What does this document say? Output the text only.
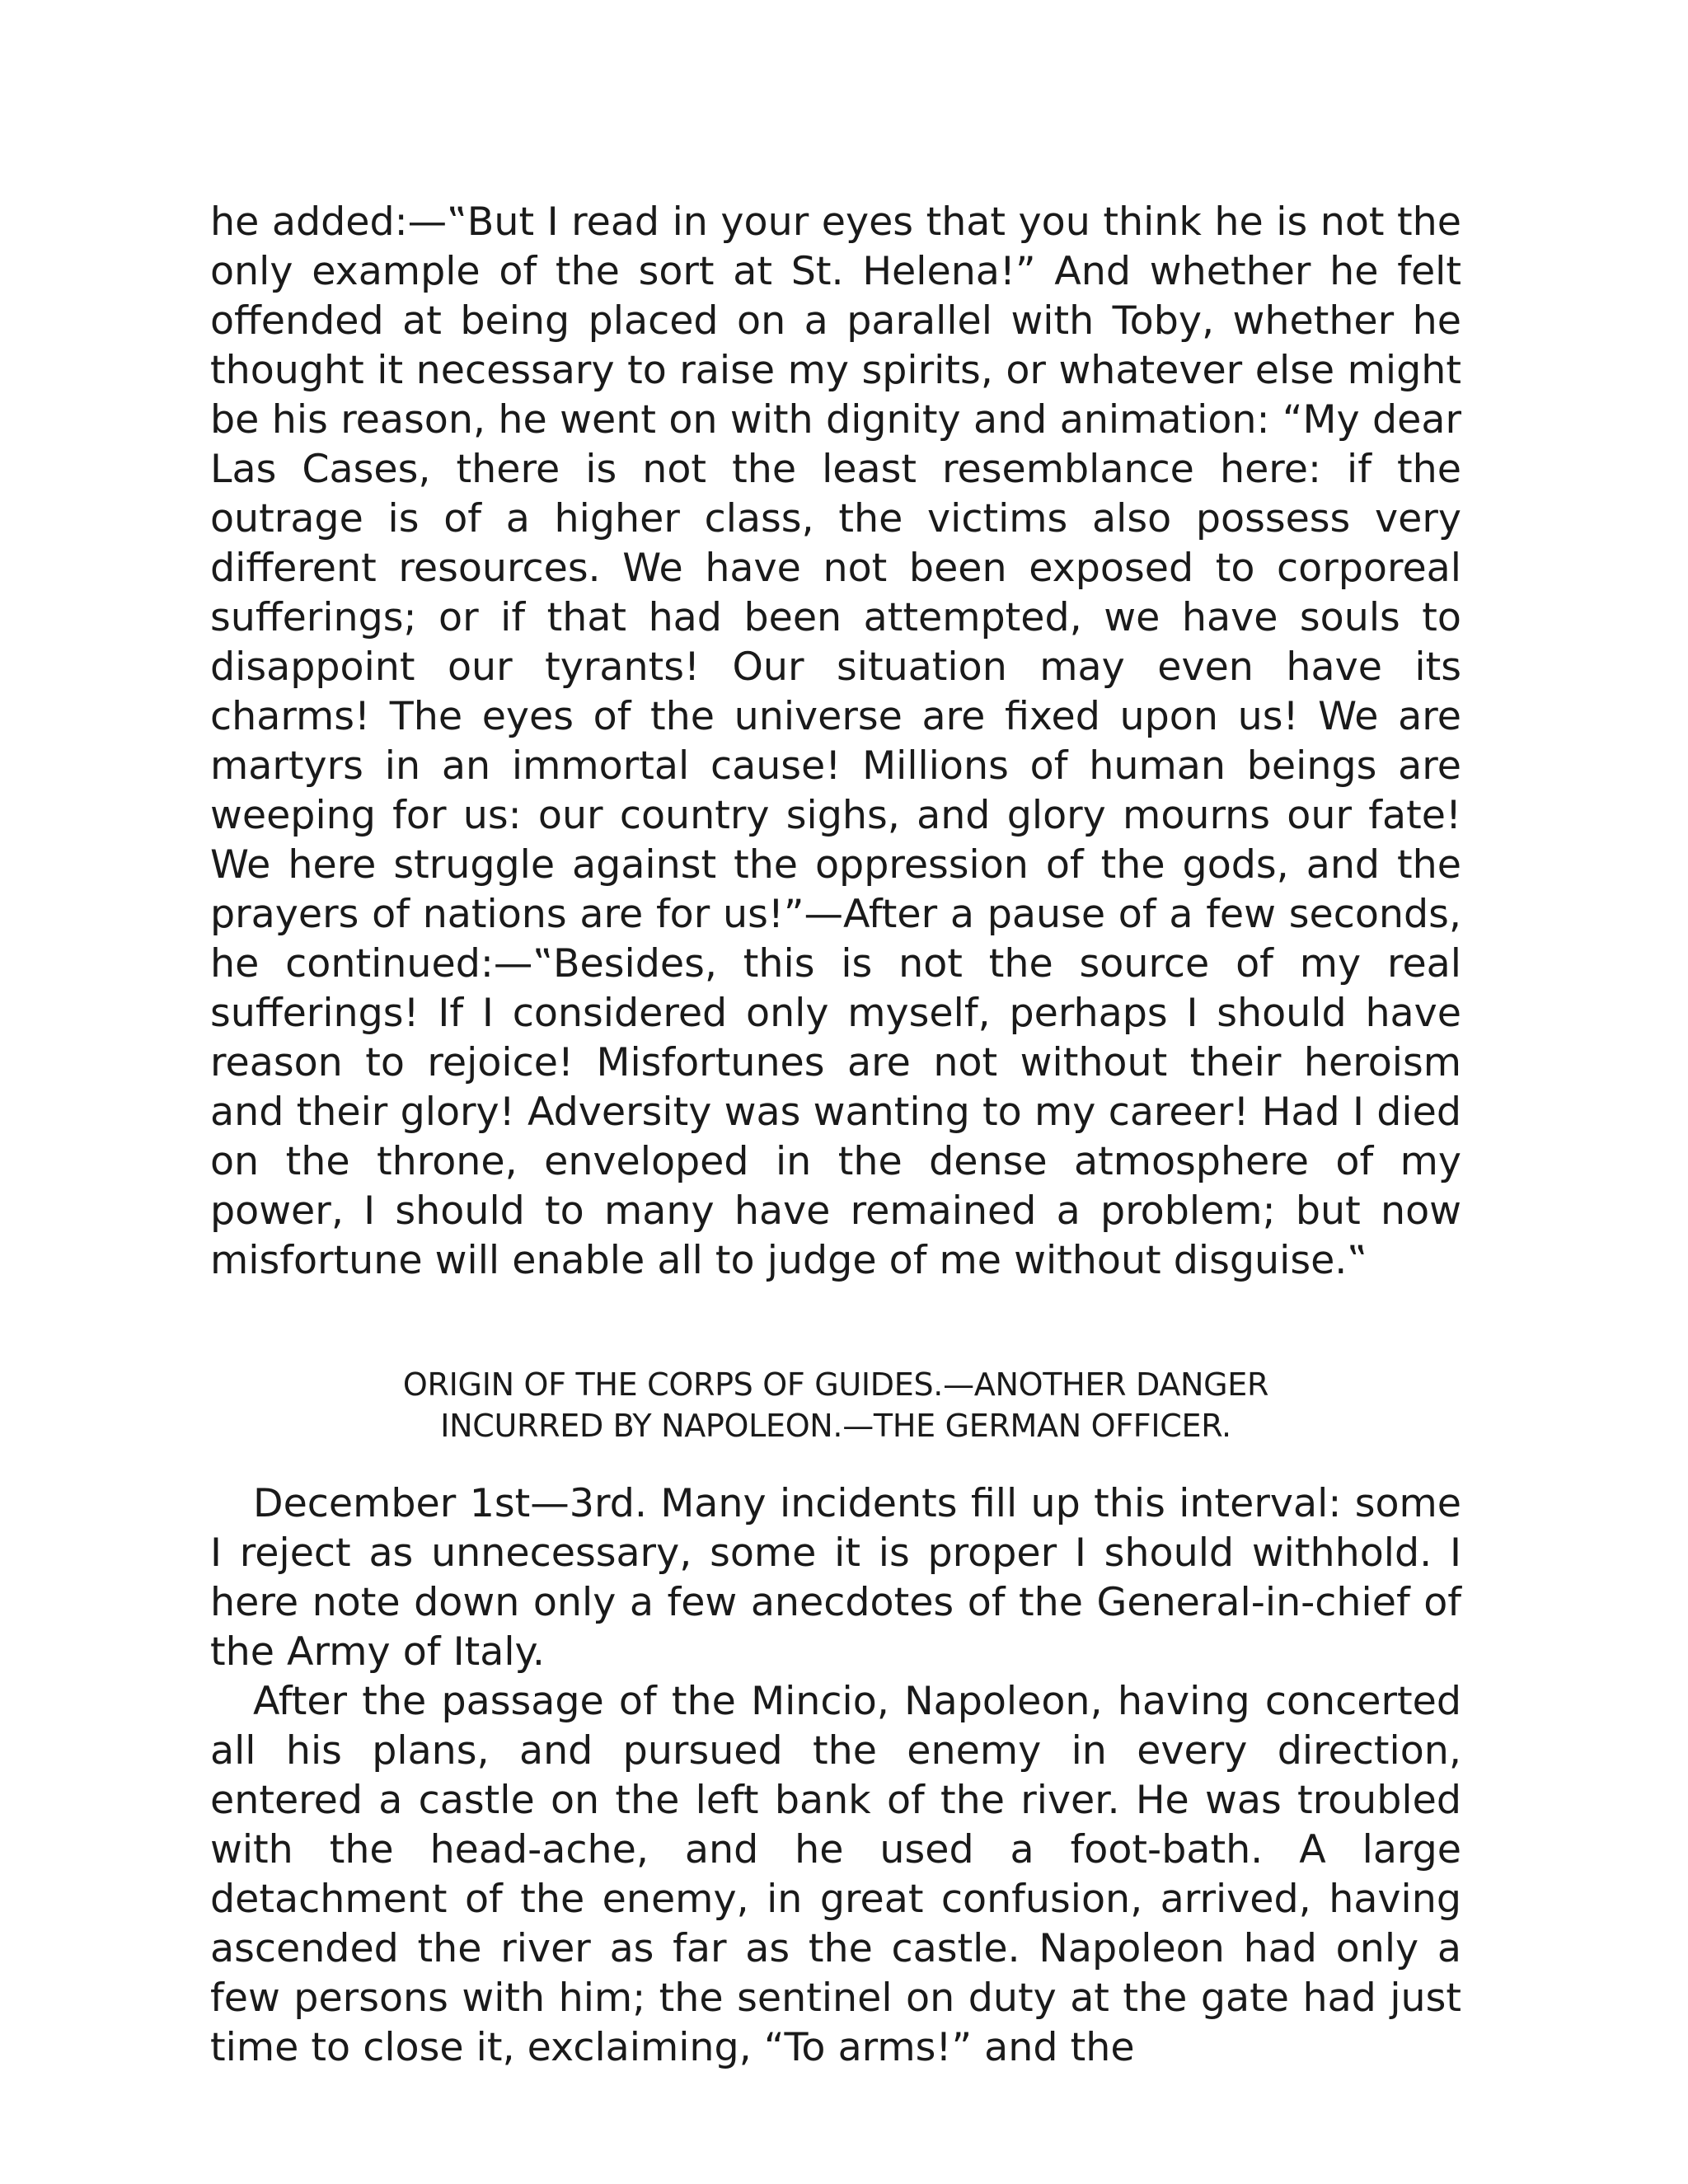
he added:—‟But I read in your eyes that you think he is not the only example of the sort at St. Helena!” And whether he felt offended at being placed on a parallel with Toby, whether he thought it necessary to raise my spirits, or whatever else might be his reason, he went on with dignity and animation: “My dear Las Cases, there is not the least resemblance here: if the outrage is of a higher class, the victims also possess very different resources. We have not been exposed to corporeal sufferings; or if that had been attempted, we have souls to disappoint our tyrants! Our situation may even have its charms! The eyes of the universe are fixed upon us! We are martyrs in an immortal cause! Millions of human beings are weeping for us: our country sighs, and glory mourns our fate! We here struggle against the oppression of the gods, and the prayers of nations are for us!”—After a pause of a few seconds, he continued:—‟Besides, this is not the source of my real sufferings! If I considered only myself, perhaps I should have reason to rejoice! Misfortunes are not without their heroism and their glory! Adversity was wanting to my career! Had I died on the throne, enveloped in the dense atmosphere of my power, I should to many have remained a problem; but now misfortune will enable all to judge of me without disguise.‟

ORIGIN OF THE CORPS OF GUIDES.—ANOTHER DANGER
INCURRED BY NAPOLEON.—THE GERMAN OFFICER.

December 1st—3rd. Many incidents fill up this interval: some I reject as unnecessary, some it is proper I should withhold. I here note down only a few anecdotes of the General-in-chief of the Army of Italy.

After the passage of the Mincio, Napoleon, having concerted all his plans, and pursued the enemy in every direction, entered a castle on the left bank of the river. He was troubled with the head-ache, and he used a foot-bath. A large detachment of the enemy, in great confusion, arrived, having ascended the river as far as the castle. Napoleon had only a few persons with him; the sentinel on duty at the gate had just time to close it, exclaiming, “To arms!” and the
